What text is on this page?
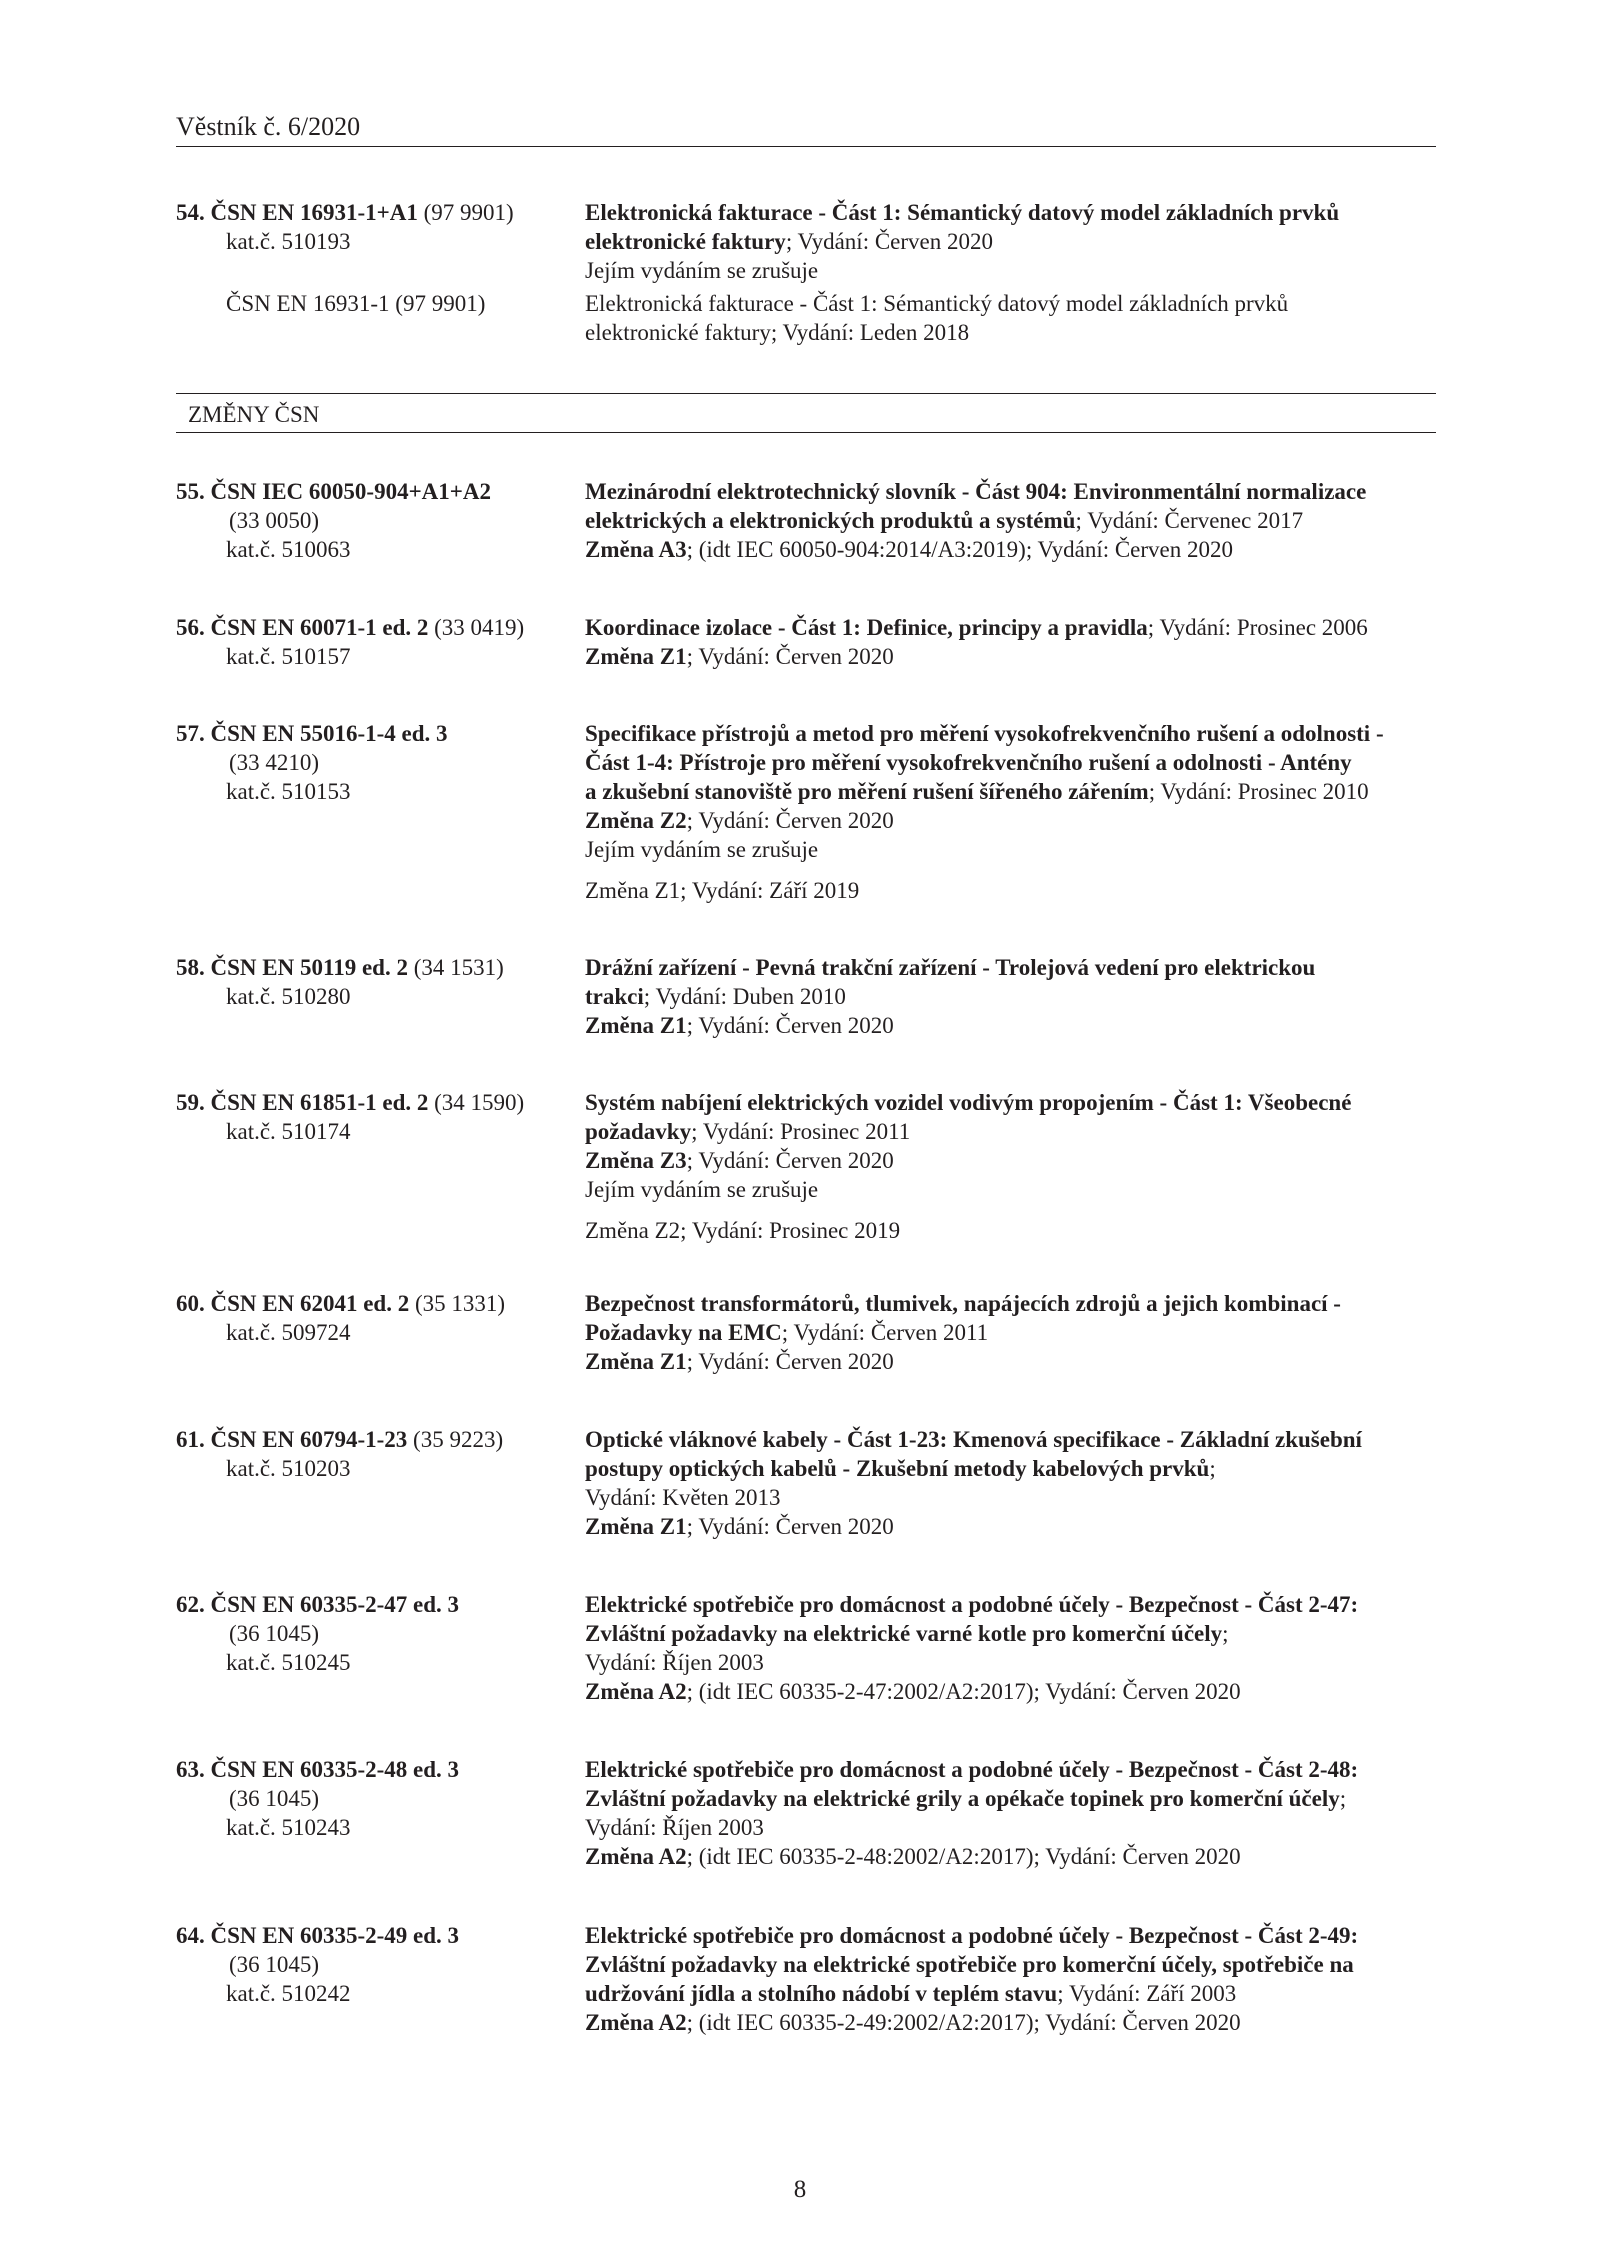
Věstník č. 6/2020
54. ČSN EN 16931-1+A1 (97 9901)
kat.č. 510193
ČSN EN 16931-1 (97 9901)
Elektronická fakturace - Část 1: Sémantický datový model základních prvků
elektronické faktury; Vydání: Červen 2020
Jejím vydáním se zrušuje
Elektronická fakturace - Část 1: Sémantický datový model základních prvků
elektronické faktury; Vydání: Leden 2018
ZMĚNY ČSN
55. ČSN IEC 60050-904+A1+A2
(33 0050)
kat.č. 510063
Mezinárodní elektrotechnický slovník - Část 904: Environmentální normalizace
elektrických a elektronických produktů a systémů; Vydání: Červenec 2017
Změna A3; (idt IEC 60050-904:2014/A3:2019); Vydání: Červen 2020
56. ČSN EN 60071-1 ed. 2 (33 0419)
kat.č. 510157
Koordinace izolace - Část 1: Definice, principy a pravidla; Vydání: Prosinec 2006
Změna Z1; Vydání: Červen 2020
57. ČSN EN 55016-1-4 ed. 3
(33 4210)
kat.č. 510153
Specifikace přístrojů a metod pro měření vysokofrekvenčního rušení a odolnosti -
Část 1-4: Přístroje pro měření vysokofrekvenčního rušení a odolnosti - Antény
a zkušební stanoviště pro měření rušení šířeného zářením; Vydání: Prosinec 2010
Změna Z2; Vydání: Červen 2020
Jejím vydáním se zrušuje
Změna Z1; Vydání: Září 2019
58. ČSN EN 50119 ed. 2 (34 1531)
kat.č. 510280
Drážní zařízení - Pevná trakční zařízení - Trolejová vedení pro elektrickou
trakci; Vydání: Duben 2010
Změna Z1; Vydání: Červen 2020
59. ČSN EN 61851-1 ed. 2 (34 1590)
kat.č. 510174
Systém nabíjení elektrických vozidel vodivým propojením - Část 1: Všeobecné
požadavky; Vydání: Prosinec 2011
Změna Z3; Vydání: Červen 2020
Jejím vydáním se zrušuje
Změna Z2; Vydání: Prosinec 2019
60. ČSN EN 62041 ed. 2 (35 1331)
kat.č. 509724
Bezpečnost transformátorů, tlumivek, napájecích zdrojů a jejich kombinací -
Požadavky na EMC; Vydání: Červen 2011
Změna Z1; Vydání: Červen 2020
61. ČSN EN 60794-1-23 (35 9223)
kat.č. 510203
Optické vláknové kabely - Část 1-23: Kmenová specifikace - Základní zkušební
postupy optických kabelů - Zkušební metody kabelových prvků;
Vydání: Květen 2013
Změna Z1; Vydání: Červen 2020
62. ČSN EN 60335-2-47 ed. 3
(36 1045)
kat.č. 510245
Elektrické spotřebiče pro domácnost a podobné účely - Bezpečnost - Část 2-47:
Zvláštní požadavky na elektrické varné kotle pro komerční účely;
Vydání: Říjen 2003
Změna A2; (idt IEC 60335-2-47:2002/A2:2017); Vydání: Červen 2020
63. ČSN EN 60335-2-48 ed. 3
(36 1045)
kat.č. 510243
Elektrické spotřebiče pro domácnost a podobné účely - Bezpečnost - Část 2-48:
Zvláštní požadavky na elektrické grily a opékače topinek pro komerční účely;
Vydání: Říjen 2003
Změna A2; (idt IEC 60335-2-48:2002/A2:2017); Vydání: Červen 2020
64. ČSN EN 60335-2-49 ed. 3
(36 1045)
kat.č. 510242
Elektrické spotřebiče pro domácnost a podobné účely - Bezpečnost - Část 2-49:
Zvláštní požadavky na elektrické spotřebiče pro komerční účely, spotřebiče na
udržování jídla a stolního nádobí v teplém stavu; Vydání: Září 2003
Změna A2; (idt IEC 60335-2-49:2002/A2:2017); Vydání: Červen 2020
8
